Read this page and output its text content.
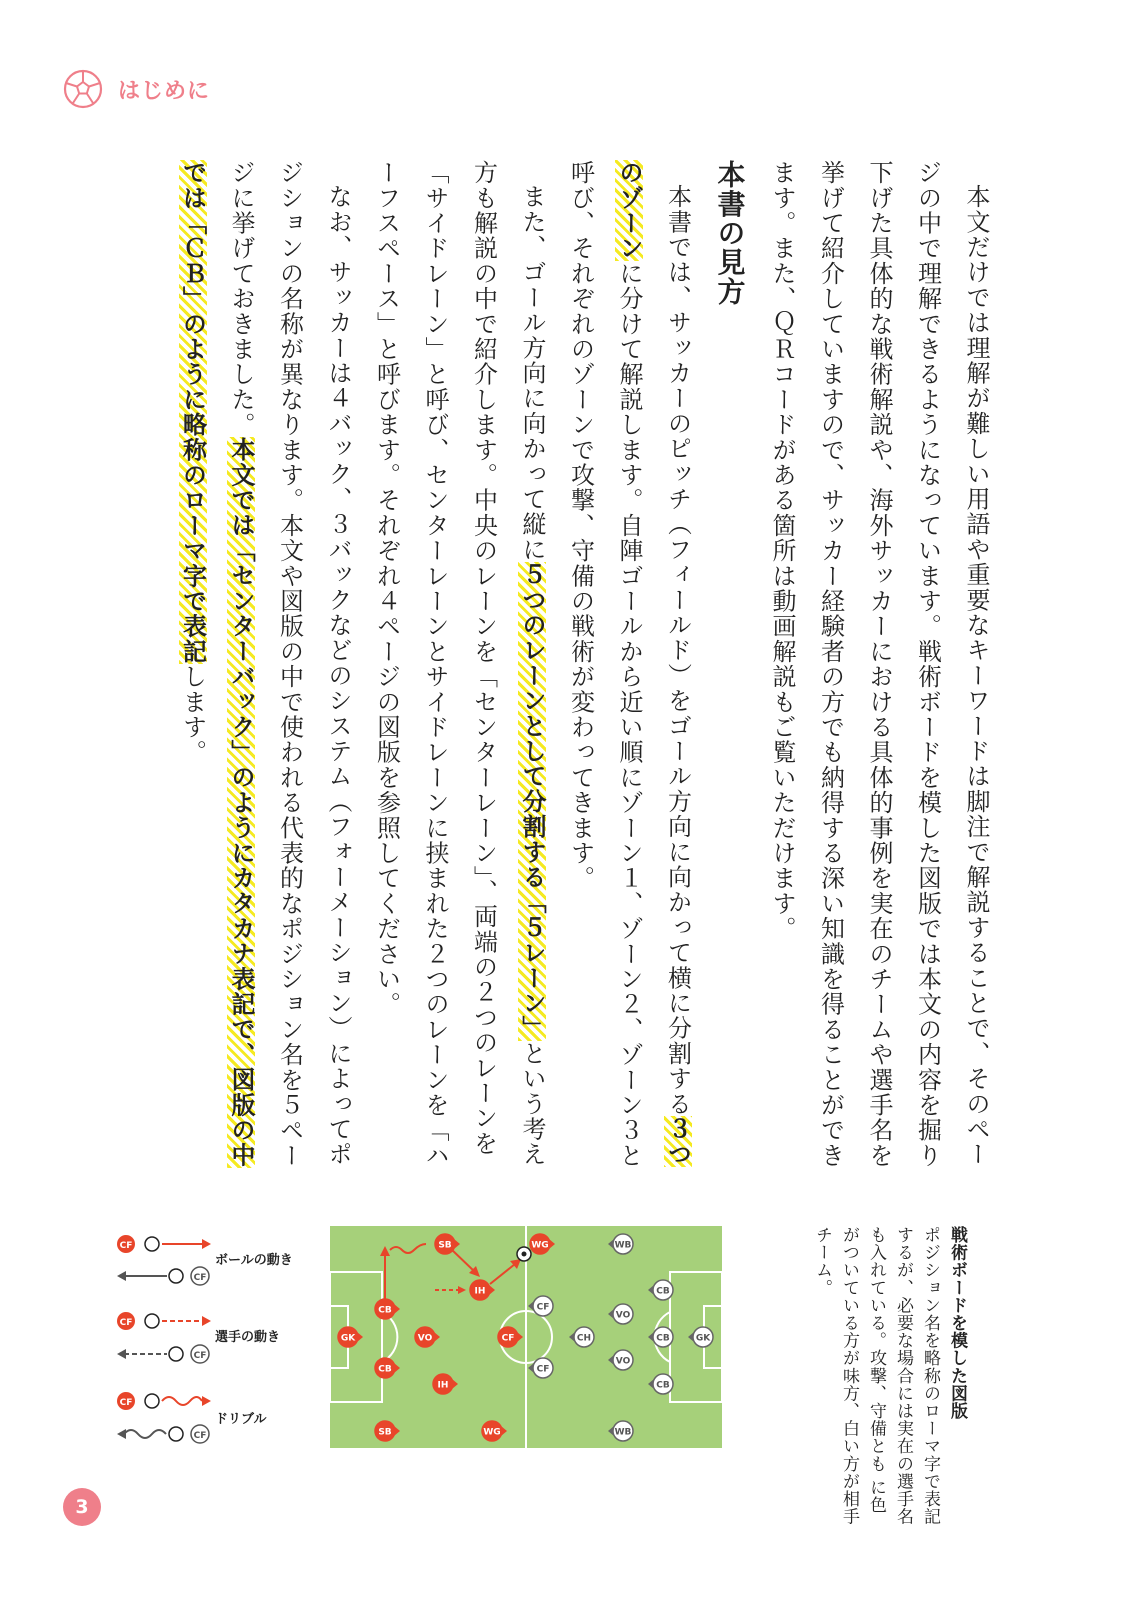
はじめに

本文だけでは理解が難しい用語や重要なキーワードは脚注で解説することで、そのページの中で理解できるようになっています。戦術ボードを模した図版では本文の内容を掘り下げた具体的な戦術解説や、海外サッカーにおける具体的事例を実在のチームや選手名を挙げて紹介していますので、サッカー経験者の方でも納得する深い知識を得ることができます。また、ＱＲコードがある箇所は動画解説もご覧いただけます。

本書の見方

本書では、サッカーのピッチ（フィールド）をゴール方向に向かって横に分割する３つのゾーンに分けて解説します。自陣ゴールから近い順にゾーン１、ゾーン２、ゾーン３と呼び、それぞれのゾーンで攻撃、守備の戦術が変わってきます。

また、ゴール方向に向かって縦に５つのレーンとして分割する「５レーン」という考え方も解説の中で紹介します。中央のレーンを「センターレーン」、両端の２つのレーンを「サイドレーン」と呼び、センターレーンとサイドレーンに挟まれた２つのレーンを「ハーフスペース」と呼びます。それぞれ４ページの図版を参照してください。

なお、サッカーは４バック、３バックなどのシステム（フォーメーション）によってポジションの名称が異なります。本文や図版の中で使われる代表的なポジション名を５ページに挙げておきました。本文では「センターバック」のようにカタカナ表記で、図版の中では「ＣＢ」のように略称のローマ字で表記します。

戦術ボードを模した図版
ポジション名を略称のローマ字で表記するが、必要な場合には実在の選手名も入れている。攻撃、守備とも に色がついている方が味方、白い方が相手チーム。
SB	WG
IH
CB
GK	VO	CF
CB
IH
SB	WG
WB
CB
CF
VO
CH	CB	GK
CF
VO
CB
WB
CF
ボールの動き
CF
CF
選手の動き
CF
CF
ドリブル
CF
3
